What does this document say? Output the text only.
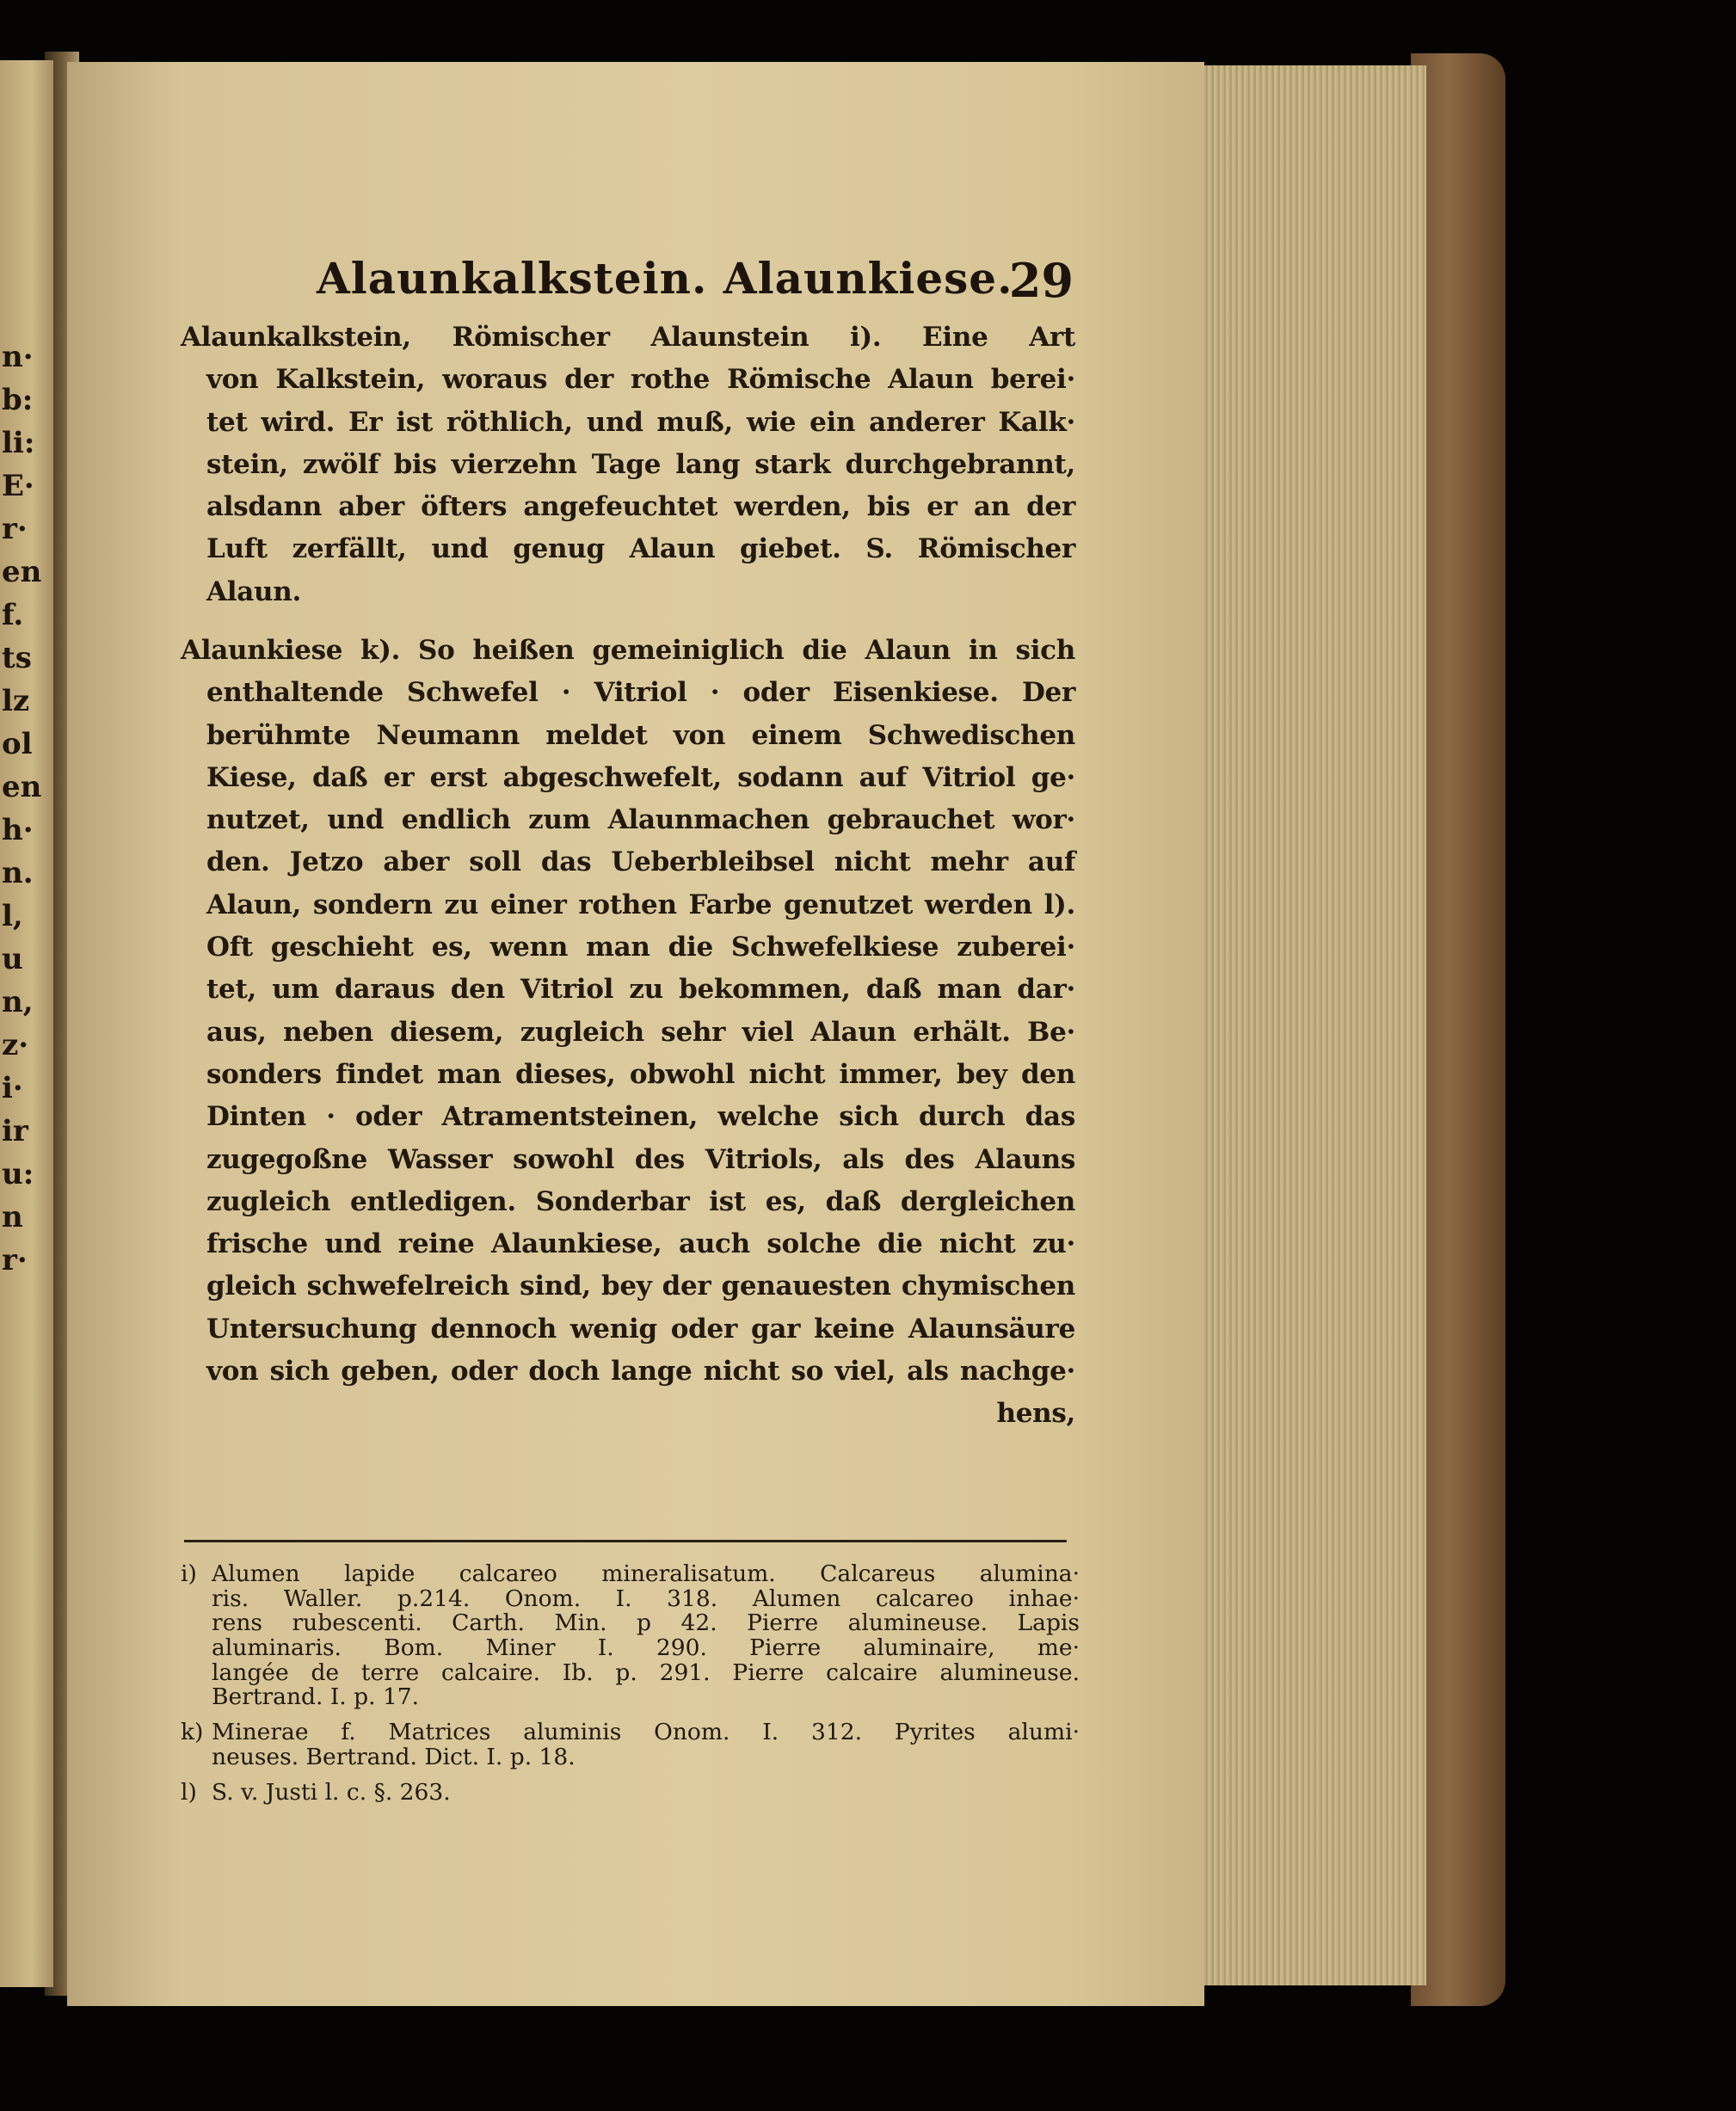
n·
b:
li:
E·
r·
en
f.
ts
lz
ol
en
h·
n.
l,
u
n,
z·
i·
ir
u:
n
r·
Alaunkalkstein. Alaunkiese.
29
Alaunkalkstein, Römischer Alaunstein i). Eine Art
von Kalkstein, woraus der rothe Römische Alaun berei·
tet wird. Er ist röthlich, und muß, wie ein anderer Kalk·
stein, zwölf bis vierzehn Tage lang stark durchgebrannt,
alsdann aber öfters angefeuchtet werden, bis er an der
Luft zerfällt, und genug Alaun giebet. S. Römischer
Alaun.
Alaunkiese k). So heißen gemeiniglich die Alaun in sich
enthaltende Schwefel · Vitriol · oder Eisenkiese. Der
berühmte Neumann meldet von einem Schwedischen
Kiese, daß er erst abgeschwefelt, sodann auf Vitriol ge·
nutzet, und endlich zum Alaunmachen gebrauchet wor·
den. Jetzo aber soll das Ueberbleibsel nicht mehr auf
Alaun, sondern zu einer rothen Farbe genutzet werden l).
Oft geschieht es, wenn man die Schwefelkiese zuberei·
tet, um daraus den Vitriol zu bekommen, daß man dar·
aus, neben diesem, zugleich sehr viel Alaun erhält. Be·
sonders findet man dieses, obwohl nicht immer, bey den
Dinten · oder Atramentsteinen, welche sich durch das
zugegoßne Wasser sowohl des Vitriols, als des Alauns
zugleich entledigen. Sonderbar ist es, daß dergleichen
frische und reine Alaunkiese, auch solche die nicht zu·
gleich schwefelreich sind, bey der genauesten chymischen
Untersuchung dennoch wenig oder gar keine Alaunsäure
von sich geben, oder doch lange nicht so viel, als nachge·
hens,
i) Alumen lapide calcareo mineralisatum. Calcareus alumina·
ris. Waller. p.214. Onom. I. 318. Alumen calcareo inhae·
rens rubescenti. Carth. Min. p 42. Pierre alumineuse. Lapis
aluminaris. Bom. Miner I. 290. Pierre aluminaire, me·
langée de terre calcaire. Ib. p. 291. Pierre calcaire alumineuse.
Bertrand. I. p. 17.
k) Minerae f. Matrices aluminis Onom. I. 312. Pyrites alumi·
neuses. Bertrand. Dict. I. p. 18.
l) S. v. Justi l. c. §. 263.
